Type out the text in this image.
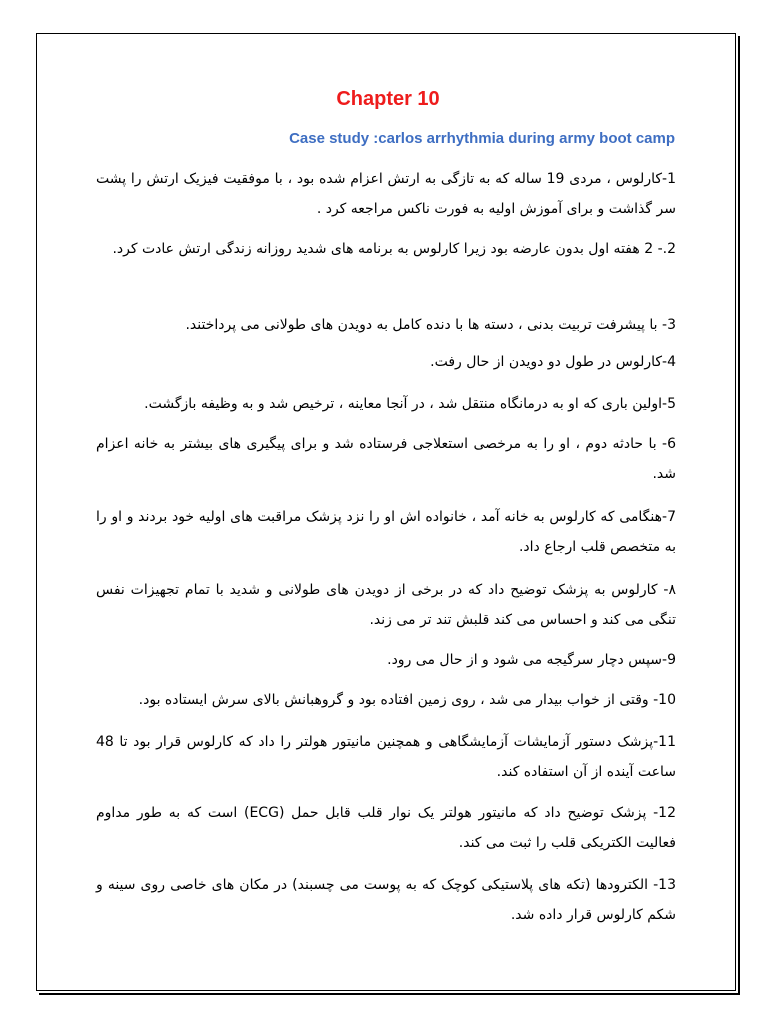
Chapter 10
Case study :carlos arrhythmia during army boot camp
1-کارلوس ، مردی 19 ساله که به تازگی به ارتش اعزام شده بود ، با موفقیت فیزیک ارتش را پشت سر گذاشت و برای آموزش اولیه به فورت ناکس مراجعه کرد .
2.- 2 هفته اول بدون عارضه بود زیرا کارلوس به برنامه های شدید روزانه زندگی ارتش عادت کرد.
3- با پیشرفت تربیت بدنی ، دسته ها با دنده کامل به دویدن های طولانی می پرداختند.
4-کارلوس در طول دو دویدن از حال رفت.
5-اولین باری که او به درمانگاه منتقل شد ، در آنجا معاینه ، ترخیص شد و به وظیفه بازگشت.
6- با حادثه دوم ، او را به مرخصی استعلاجی فرستاده شد و برای پیگیری های بیشتر به خانه اعزام شد.
7-هنگامی که کارلوس به خانه آمد ، خانواده اش او را نزد پزشک مراقبت های اولیه خود بردند و او را به متخصص قلب ارجاع داد.
۸- کارلوس به پزشک توضیح داد که در برخی از دویدن های طولانی و شدید با تمام تجهیزات نفس تنگی می کند و احساس می کند قلبش تند تر می زند.
9-سپس دچار سرگیجه می شود و از حال می رود.
10- وقتی از خواب بیدار می شد ، روی زمین افتاده بود و گروهبانش بالای سرش ایستاده بود.
11-پزشک دستور آزمایشات آزمایشگاهی و همچنین مانیتور هولتر را داد که کارلوس قرار بود تا 48 ساعت آینده از آن استفاده کند.
12- پزشک توضیح داد که مانیتور هولتر یک نوار قلب قابل حمل (ECG) است که به طور مداوم فعالیت الکتریکی قلب را ثبت می کند.
13- الکترودها (تکه های پلاستیکی کوچک که به پوست می چسبند) در مکان های خاصی روی سینه و شکم کارلوس قرار داده شد.
